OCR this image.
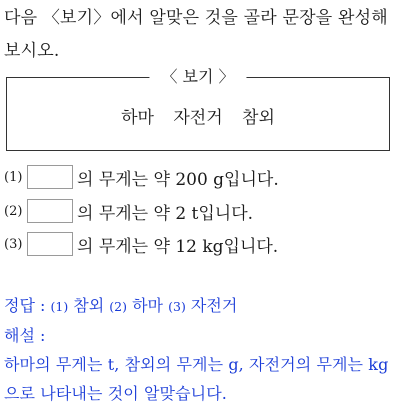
다음 〈보기〉에서 알맞은 것을 골라 문장을 완성해 보시오.
〈 보기 〉
하마 자전거 참외
(1)	의 무게는 약 200 g입니다.
(2)	의 무게는 약 2 t입니다.
(3)	의 무게는 약 12 kg입니다.
정답 : (1) 참외 (2) 하마 (3) 자전거
해설 :
하마의 무게는 t, 참외의 무게는 g, 자전거의 무게는 kg으로 나타내는 것이 알맞습니다.
